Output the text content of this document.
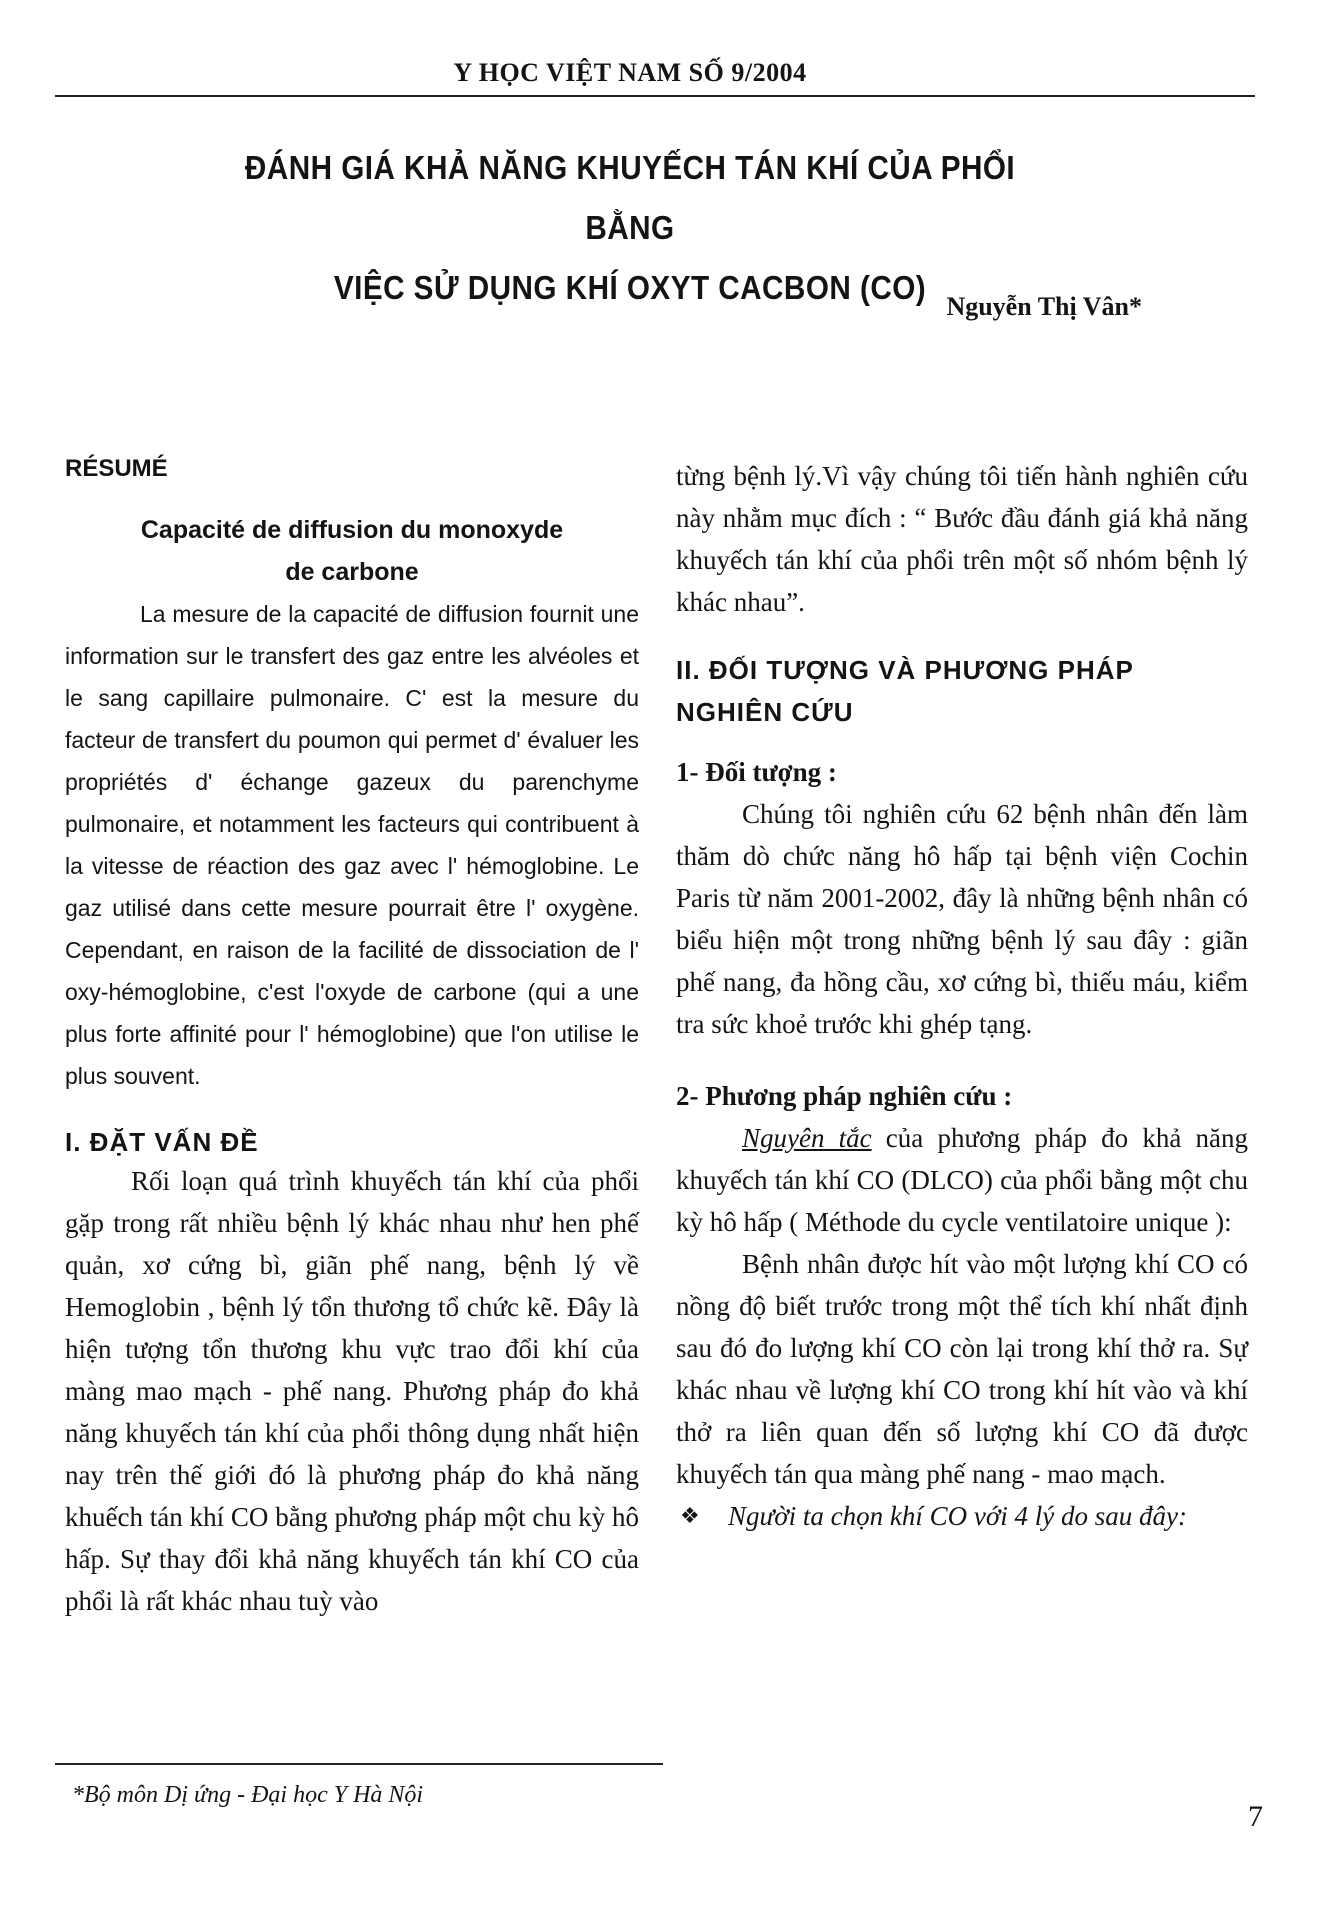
Y HỌC VIỆT NAM SỐ 9/2004
ĐÁNH GIÁ KHẢ NĂNG KHUYẾCH TÁN KHÍ CỦA PHỔI BẰNG
VIỆC SỬ DỤNG KHÍ OXYT CACBON (CO)
Nguyễn Thị Vân*
RÉSUMÉ
Capacité de diffusion du monoxyde de carbone

La mesure de la capacité de diffusion fournit une information sur le transfert des gaz entre les alvéoles et le sang capillaire pulmonaire. C' est la mesure du facteur de transfert du poumon qui permet d' évaluer les propriétés d' échange gazeux du parenchyme pulmonaire, et notamment les facteurs qui contribuent à la vitesse de réaction des gaz avec l' hémoglobine. Le gaz utilisé dans cette mesure pourrait être l' oxygène. Cependant, en raison de la facilité de dissociation de l' oxy-hémoglobine, c'est l'oxyde de carbone (qui a une plus forte affinité pour l' hémoglobine) que l'on utilise le plus souvent.

I. ĐẶT VẤN ĐỀ

Rối loạn quá trình khuyếch tán khí của phổi gặp trong rất nhiều bệnh lý khác nhau như hen phế quản, xơ cứng bì, giãn phế nang, bệnh lý về Hemoglobin , bệnh lý tổn thương tổ chức kẽ. Đây là hiện tượng tổn thương khu vực trao đổi khí của màng mao mạch - phế nang. Phương pháp đo khả năng khuyếch tán khí của phổi thông dụng nhất hiện nay trên thế giới đó là phương pháp đo khả năng khuếch tán khí CO bằng phương pháp một chu kỳ hô hấp. Sự thay đổi khả năng khuyếch tán khí CO của phổi là rất khác nhau tuỳ vào

từng bệnh lý.Vì vậy chúng tôi tiến hành nghiên cứu này nhằm mục đích : “ Bước đầu đánh giá khả năng khuyếch tán khí của phổi trên một số nhóm bệnh lý khác nhau”.

II. ĐỐI TƯỢNG VÀ PHƯƠNG PHÁP NGHIÊN CỨU
1- Đối tượng :

Chúng tôi nghiên cứu 62 bệnh nhân đến làm thăm dò chức năng hô hấp tại bệnh viện Cochin Paris từ năm 2001-2002, đây là những bệnh nhân có biểu hiện một trong những bệnh lý sau đây : giãn phế nang, đa hồng cầu, xơ cứng bì, thiếu máu, kiểm tra sức khoẻ trước khi ghép tạng.

2- Phương pháp nghiên cứu :

Nguyên tắc của phương pháp đo khả năng khuyếch tán khí CO (DLCO) của phổi bằng một chu kỳ hô hấp ( Méthode du cycle ventilatoire unique ):

Bệnh nhân được hít vào một lượng khí CO có nồng độ biết trước trong một thể tích khí nhất định sau đó đo lượng khí CO còn lại trong khí thở ra. Sự khác nhau về lượng khí CO trong khí hít vào và khí thở ra liên quan đến số lượng khí CO đã được khuyếch tán qua màng phế nang - mao mạch.

❖ Người ta chọn khí CO với 4 lý do sau đây:

*Bộ môn Dị ứng - Đại học Y Hà Nội
7
